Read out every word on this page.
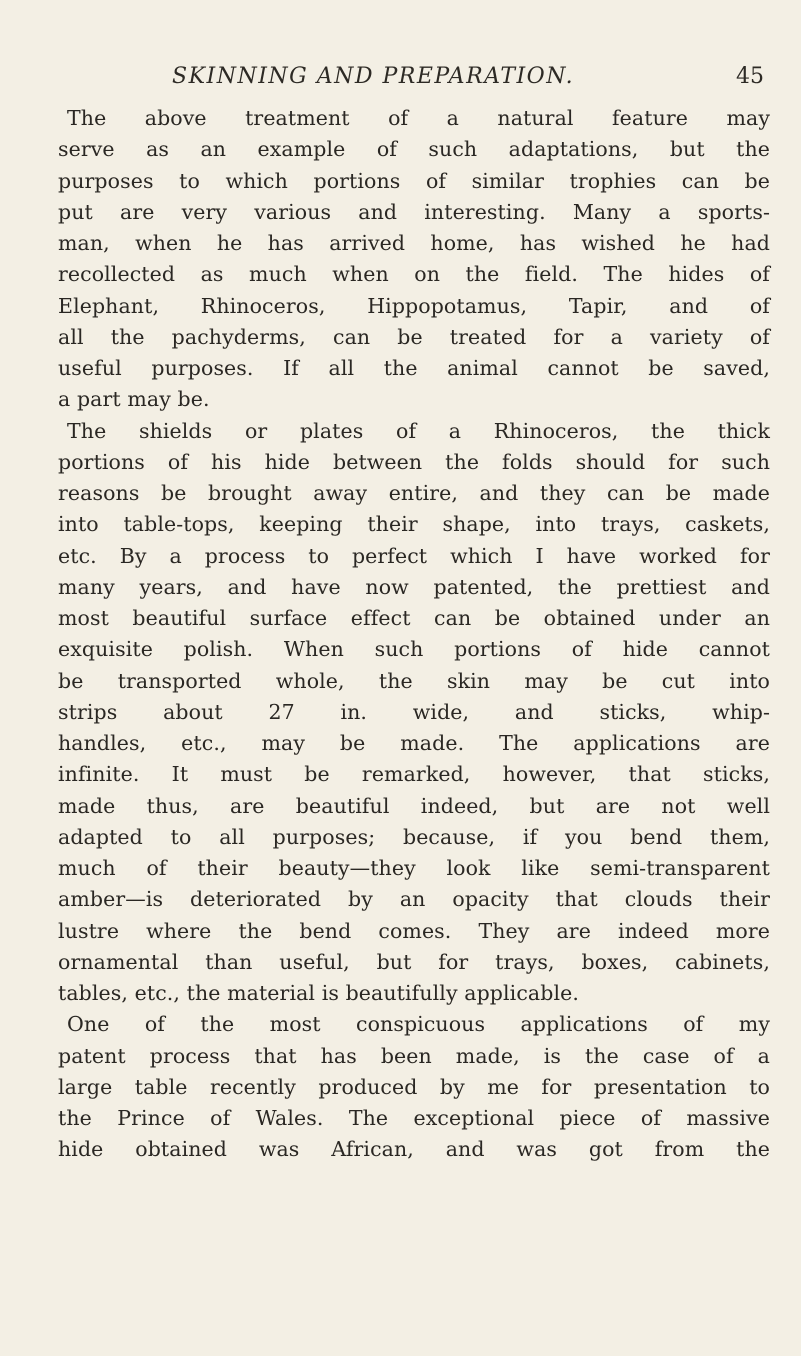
SKINNING AND PREPARATION.	45
The above treatment of a natural feature may
serve as an example of such adaptations, but the
purposes to which portions of similar trophies can be
put are very various and interesting. Many a sports-
man, when he has arrived home, has wished he had
recollected as much when on the field. The hides of
Elephant, Rhinoceros, Hippopotamus, Tapir, and of
all the pachyderms, can be treated for a variety of
useful purposes. If all the animal cannot be saved,
a part may be.
The shields or plates of a Rhinoceros, the thick
portions of his hide between the folds should for such
reasons be brought away entire, and they can be made
into table-tops, keeping their shape, into trays, caskets,
etc. By a process to perfect which I have worked for
many years, and have now patented, the prettiest and
most beautiful surface effect can be obtained under an
exquisite polish. When such portions of hide cannot
be transported whole, the skin may be cut into
strips about 27 in. wide, and sticks, whip-
handles, etc., may be made. The applications are
infinite. It must be remarked, however, that sticks,
made thus, are beautiful indeed, but are not well
adapted to all purposes; because, if you bend them,
much of their beauty—they look like semi-transparent
amber—is deteriorated by an opacity that clouds their
lustre where the bend comes. They are indeed more
ornamental than useful, but for trays, boxes, cabinets,
tables, etc., the material is beautifully applicable.
One of the most conspicuous applications of my
patent process that has been made, is the case of a
large table recently produced by me for presentation to
the Prince of Wales. The exceptional piece of massive
hide obtained was African, and was got from the
